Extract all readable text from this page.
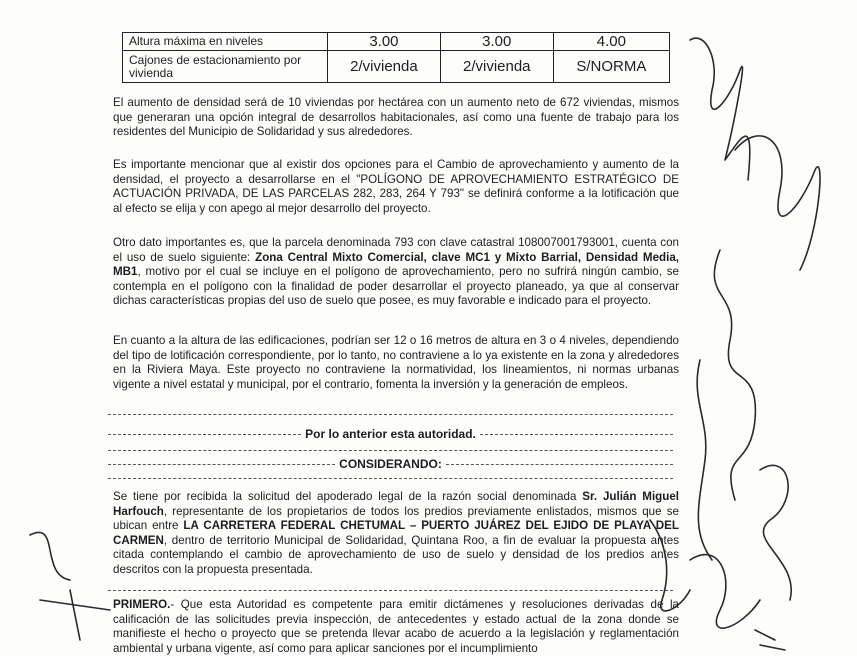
Altura máxima en niveles	3.00	3.00	4.00
Cajones de estacionamiento por vivienda	2/vivienda	2/vivienda	S/NORMA

El aumento de densidad será de 10 viviendas por hectárea con un aumento neto de 672 viviendas, mismos que generaran una opción integral de desarrollos habitacionales, así como una fuente de trabajo para los residentes del Municipio de Solidaridad y sus alrededores.

Es importante mencionar que al existir dos opciones para el Cambio de aprovechamiento y aumento de la densidad, el proyecto a desarrollarse en el "POLÍGONO DE APROVECHAMIENTO ESTRATÉGICO DE ACTUACIÓN PRIVADA, DE LAS PARCELAS 282, 283, 264 Y 793" se definirá conforme a la lotificación que al efecto se elija y con apego al mejor desarrollo del proyecto.

Otro dato importantes es, que la parcela denominada 793 con clave catastral 108007001793001, cuenta con el uso de suelo siguiente: Zona Central Mixto Comercial, clave MC1 y Mixto Barrial, Densidad Media, MB1, motivo por el cual se incluye en el polígono de aprovechamiento, pero no sufrirá ningún cambio, se contempla en el polígono con la finalidad de poder desarrollar el proyecto planeado, ya que al conservar dichas características propias del uso de suelo que posee, es muy favorable e indicado para el proyecto.

En cuanto a la altura de las edificaciones, podrían ser 12 o 16 metros de altura en 3 o 4 niveles, dependiendo del tipo de lotificación correspondiente, por lo tanto, no contraviene a lo ya existente en la zona y alrededores en la Riviera Maya. Este proyecto no contraviene la normatividad, los lineamientos, ni normas urbanas vigente a nivel estatal y municipal, por el contrario, fomenta la inversión y la generación de empleos.

Por lo anterior esta autoridad.
CONSIDERANDO:

Se tiene por recibida la solicitud del apoderado legal de la razón social denominada Sr. Julián Miguel Harfouch, representante de los propietarios de todos los predios previamente enlistados, mismos que se ubican entre LA CARRETERA FEDERAL CHETUMAL – PUERTO JUÁREZ DEL EJIDO DE PLAYA DEL CARMEN, dentro de territorio Municipal de Solidaridad, Quintana Roo, a fin de evaluar la propuesta antes citada contemplando el cambio de aprovechamiento de uso de suelo y densidad de los predios antes descritos con la propuesta presentada.

PRIMERO.- Que esta Autoridad es competente para emitir dictámenes y resoluciones derivadas de la calificación de las solicitudes previa inspección, de antecedentes y estado actual de la zona donde se manifieste el hecho o proyecto que se pretenda llevar acabo de acuerdo a la legislación y reglamentación ambiental y urbana vigente, así como para aplicar sanciones por el incumplimiento
